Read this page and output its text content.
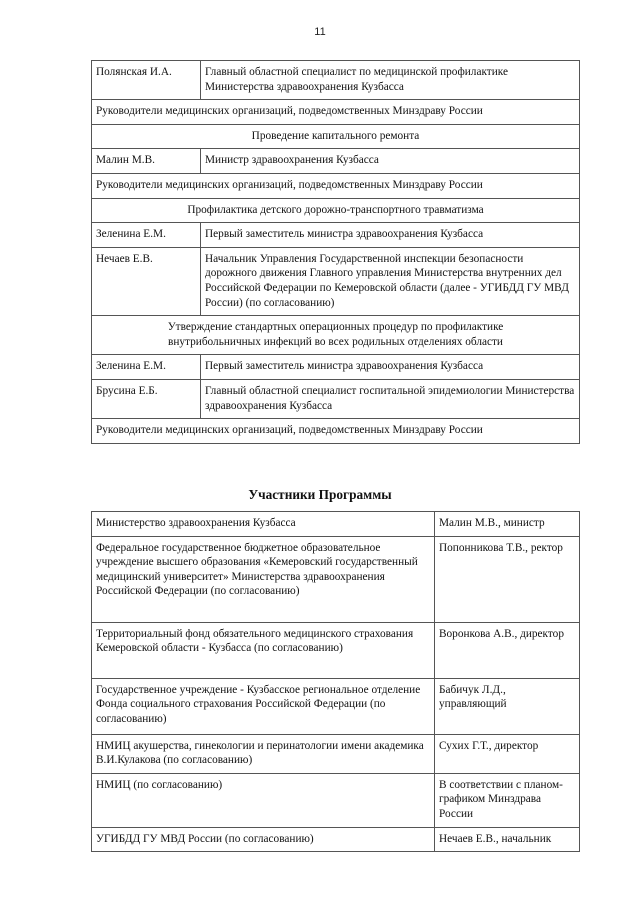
11
Полянская И.А.	Главный областной специалист по медицинской профилактике Министерства здравоохранения Кузбасса
Руководители медицинских организаций, подведомственных Минздраву России	
Проведение капитального ремонта	
Малин М.В.	Министр здравоохранения Кузбасса
Руководители медицинских организаций, подведомственных Минздраву России	
Профилактика детского дорожно-транспортного травматизма	
Зеленина Е.М.	Первый заместитель министра здравоохранения Кузбасса
Нечаев Е.В.	Начальник Управления Государственной инспекции безопасности дорожного движения Главного управления Министерства внутренних дел Российской Федерации по Кемеровской области (далее - УГИБДД ГУ МВД России) (по согласованию)
Утверждение стандартных операционных процедур по профилактике внутрибольничных инфекций во всех родильных отделениях области	
Зеленина Е.М.	Первый заместитель министра здравоохранения Кузбасса
Брусина Е.Б.	Главный областной специалист госпитальной эпидемиологии Министерства здравоохранения Кузбасса
Руководители медицинских организаций, подведомственных Минздраву России	
Участники Программы
Министерство здравоохранения Кузбасса	Малин М.В., министр
Федеральное государственное бюджетное образовательное учреждение высшего образования «Кемеровский государственный медицинский университет» Министерства здравоохранения Российской Федерации (по согласованию)	Попонникова Т.В., ректор
Территориальный фонд обязательного медицинского страхования Кемеровской области - Кузбасса (по согласованию)	Воронкова А.В., директор
Государственное учреждение - Кузбасское региональное отделение Фонда социального страхования Российской Федерации (по согласованию)	Бабичук Л.Д., управляющий
НМИЦ акушерства, гинекологии и перинатологии имени академика В.И.Кулакова (по согласованию)	Сухих Г.Т., директор
НМИЦ (по согласованию)	В соответствии с планом-графиком Минздрава России
УГИБДД ГУ МВД России (по согласованию)	Нечаев Е.В., начальник
